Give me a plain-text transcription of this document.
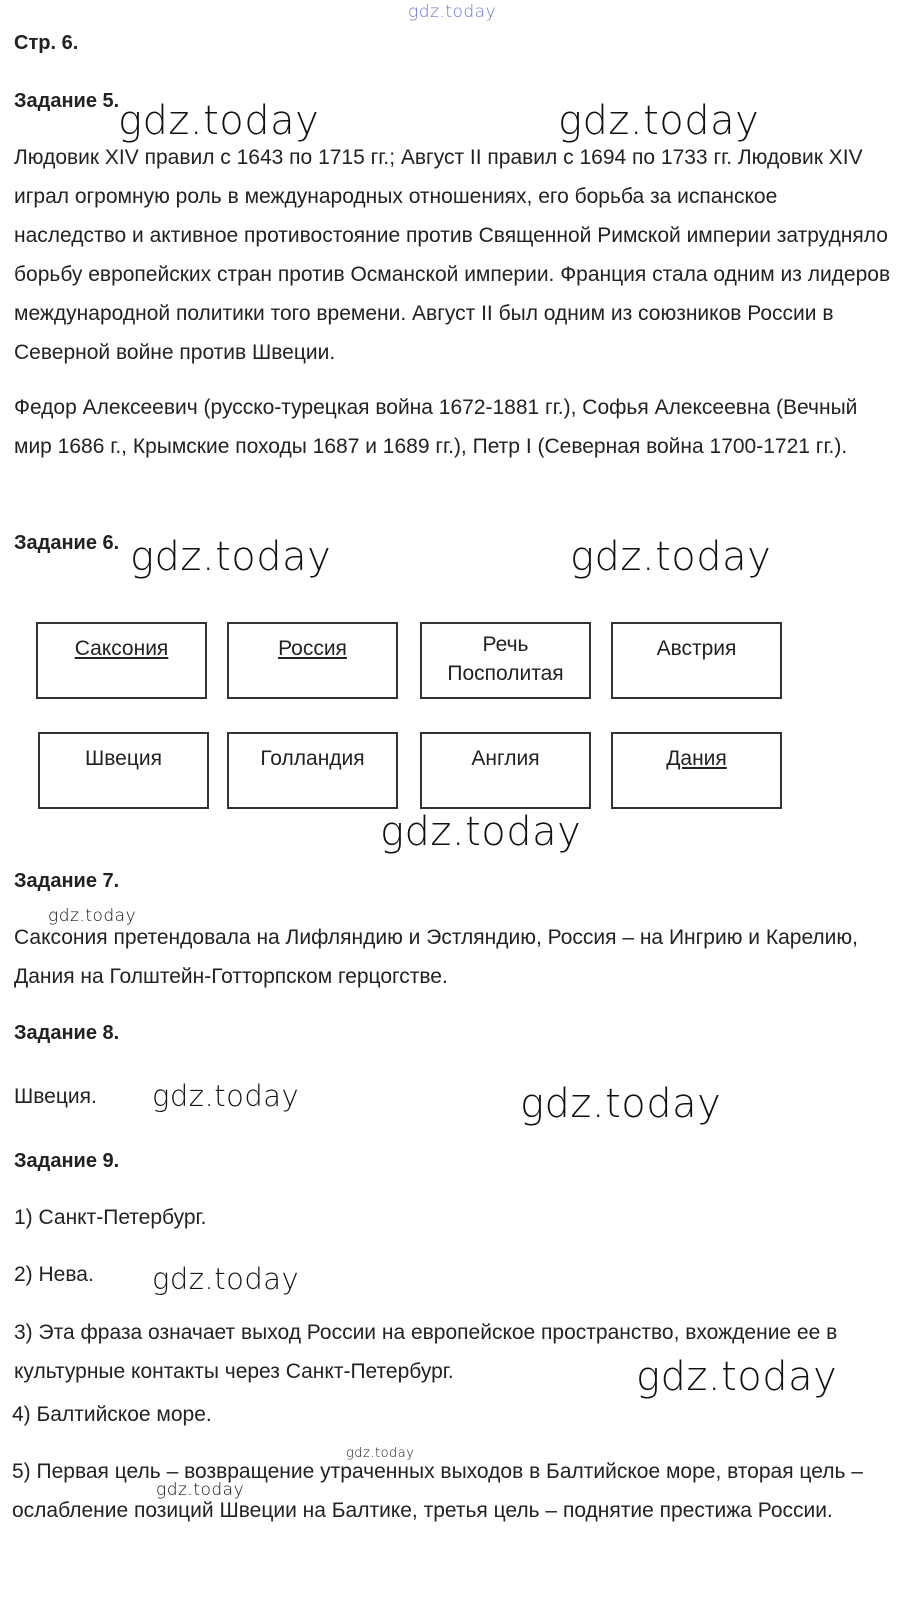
gdz.today
Стр. 6.
Задание 5.
Людовик XIV правил с 1643 по 1715 гг.; Август II правил с 1694 по 1733 гг. Людовик XIV играл огромную роль в международных отношениях, его борьба за испанское наследство и активное противостояние против Священной Римской империи затрудняло борьбу европейских стран против Османской империи. Франция стала одним из лидеров международной политики того времени. Август II был одним из союзников России в Северной войне против Швеции.
Федор Алексеевич (русско-турецкая война 1672-1881 гг.), Софья Алексеевна (Вечный мир 1686 г., Крымские походы 1687 и 1689 гг.), Петр I (Северная война 1700-1721 гг.).
Задание 6.
Саксония	Россия	Речь
Посполитая
Австрия
Швеция	Голландия	Англия	Дания
Задание 7.
Саксония претендовала на Лифляндию и Эстляндию, Россия – на Ингрию и Карелию, Дания на Голштейн-Готторпском герцогстве.
Задание 8.
Швеция.
Задание 9.
1) Санкт-Петербург.
2) Нева.
3) Эта фраза означает выход России на европейское пространство, вхождение ее в культурные контакты через Санкт-Петербург.
4) Балтийское море.
5) Первая цель – возвращение утраченных выходов в Балтийское море, вторая цель – ослабление позиций Швеции на Балтике, третья цель – поднятие престижа России.
gdz.today	gdz.today
gdz.today	gdz.today
gdz.today
gdz.today
gdz.today	gdz.today
gdz.today
gdz.today
gdz.today
gdz.today
